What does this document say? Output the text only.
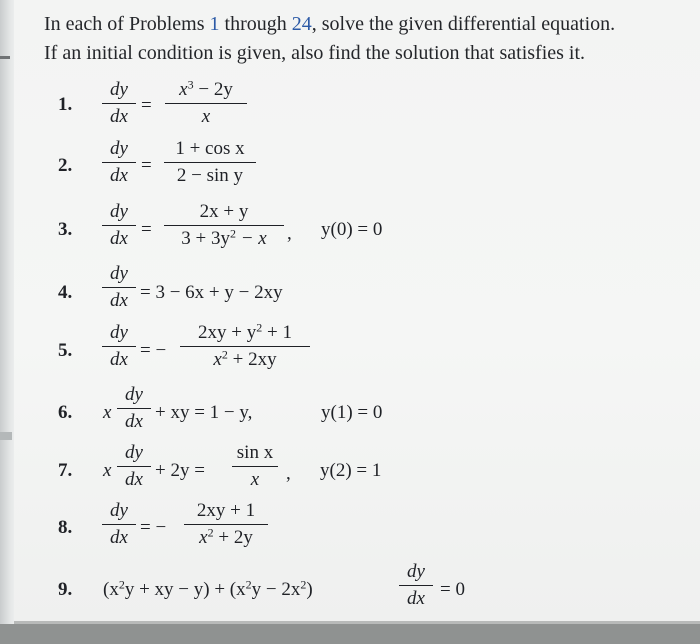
In each of Problems 1 through 24, solve the given differential equation.
If an initial condition is given, also find the solution that satisfies it.
1.
dy
dx
=
$x^3 - 2y$
x
2.
dy
dx =
1 + cos x
2 − sin y
3.
dy
dx =
2x + y
$3 + 3y^2 - x$	, y(0) = 0
4.
dy
dx = 3 − 6x + y − 2xy
5.
dy
dx = −
$2xy + y^2 + 1$
$x^2 + 2xy$
6. x
dy
dx + xy = 1 − y,	y(1) = 0
7. x
dy
dx + 2y =
sin x
x	, y(2) = 1
8.
dy
dx = −
2xy + 1
$x^2 + 2y$
9. ($x^2y$ + xy − $y) + (x^2y - 2x^2)$
dy
dx = 0
